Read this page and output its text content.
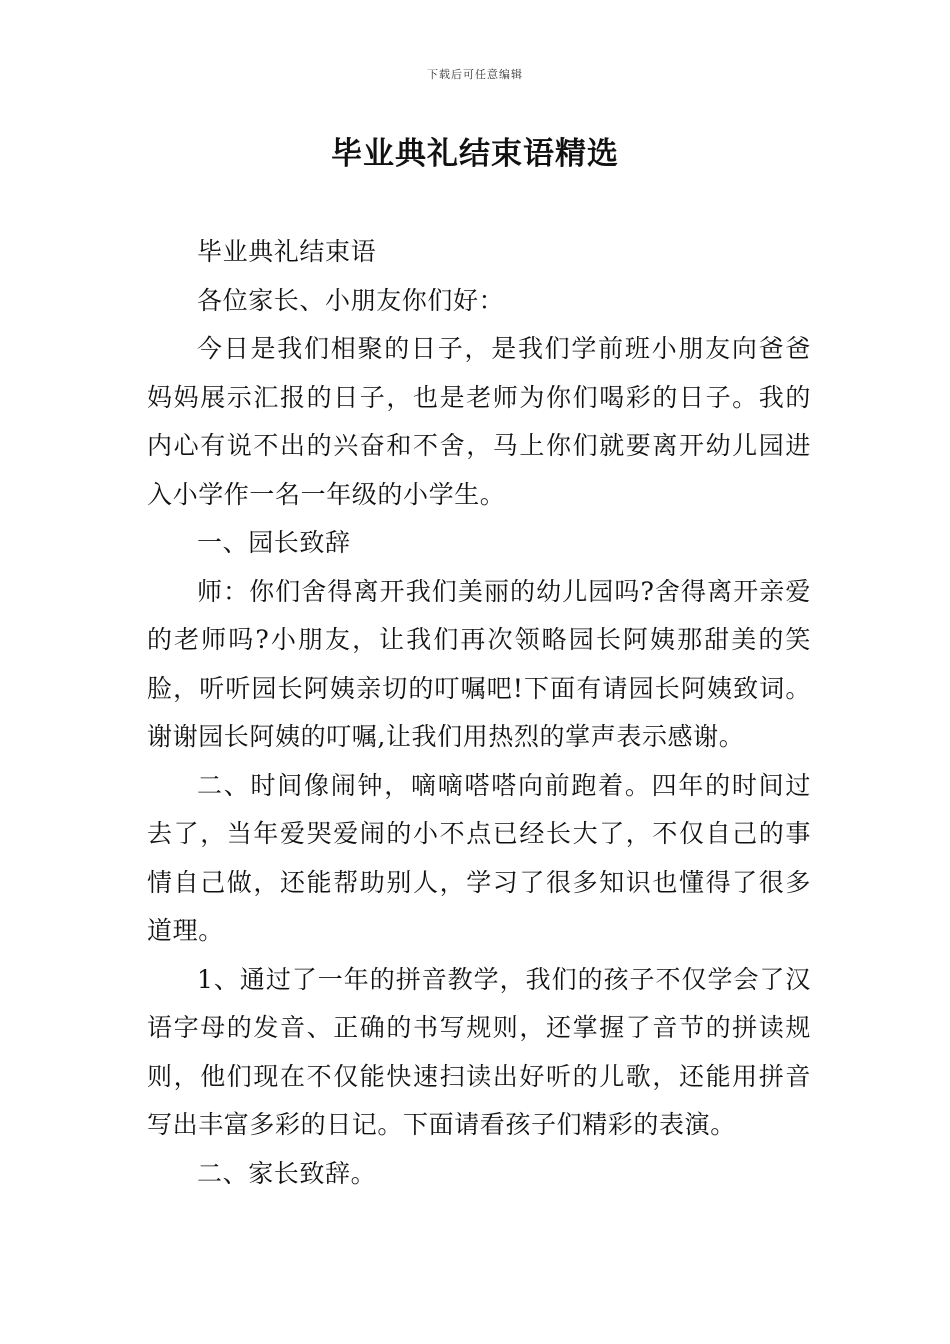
下载后可任意编辑
毕业典礼结束语精选

毕业典礼结束语

各位家长、小朋友你们好：

今日是我们相聚的日子，是我们学前班小朋友向爸爸妈妈展示汇报的日子，也是老师为你们喝彩的日子。我的内心有说不出的兴奋和不舍，马上你们就要离开幼儿园进入小学作一名一年级的小学生。

一、园长致辞

师：你们舍得离开我们美丽的幼儿园吗?舍得离开亲爱的老师吗?小朋友，让我们再次领略园长阿姨那甜美的笑脸，听听园长阿姨亲切的叮嘱吧!下面有请园长阿姨致词。谢谢园长阿姨的叮嘱,让我们用热烈的掌声表示感谢。

二、时间像闹钟，嘀嘀嗒嗒向前跑着。四年的时间过去了，当年爱哭爱闹的小不点已经长大了，不仅自己的事情自己做，还能帮助别人，学习了很多知识也懂得了很多道理。

1、通过了一年的拼音教学，我们的孩子不仅学会了汉语字母的发音、正确的书写规则，还掌握了音节的拼读规则，他们现在不仅能快速扫读出好听的儿歌，还能用拼音写出丰富多彩的日记。下面请看孩子们精彩的表演。

二、家长致辞。
